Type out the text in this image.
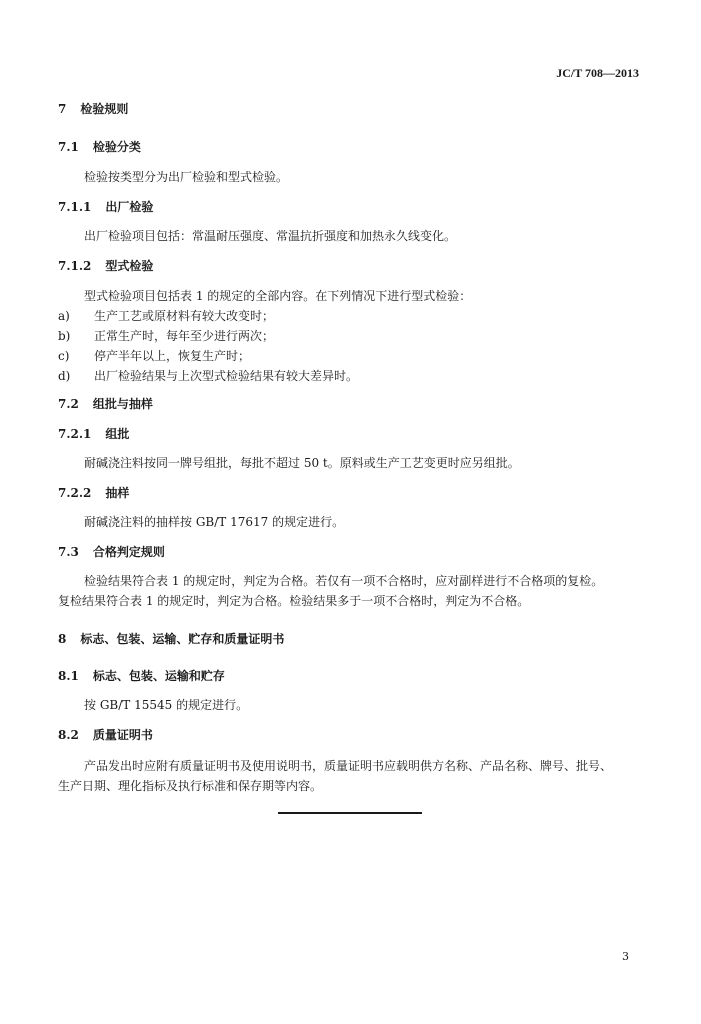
JC/T 708—2013
7 检验规则
7.1 检验分类
检验按类型分为出厂检验和型式检验。
7.1.1 出厂检验
出厂检验项目包括：常温耐压强度、常温抗折强度和加热永久线变化。
7.1.2 型式检验
型式检验项目包括表 1 的规定的全部内容。在下列情况下进行型式检验：
a) 生产工艺或原材料有较大改变时；
b) 正常生产时，每年至少进行两次；
c) 停产半年以上，恢复生产时；
d) 出厂检验结果与上次型式检验结果有较大差异时。
7.2 组批与抽样
7.2.1 组批
耐碱浇注料按同一牌号组批，每批不超过 50 t。原料或生产工艺变更时应另组批。
7.2.2 抽样
耐碱浇注料的抽样按 GB/T 17617 的规定进行。
7.3 合格判定规则
检验结果符合表 1 的规定时，判定为合格。若仅有一项不合格时，应对副样进行不合格项的复检。
复检结果符合表 1 的规定时，判定为合格。检验结果多于一项不合格时，判定为不合格。
8 标志、包装、运输、贮存和质量证明书
8.1 标志、包装、运输和贮存
按 GB/T 15545 的规定进行。
8.2 质量证明书
产品发出时应附有质量证明书及使用说明书，质量证明书应载明供方名称、产品名称、牌号、批号、
生产日期、理化指标及执行标准和保存期等内容。
3
